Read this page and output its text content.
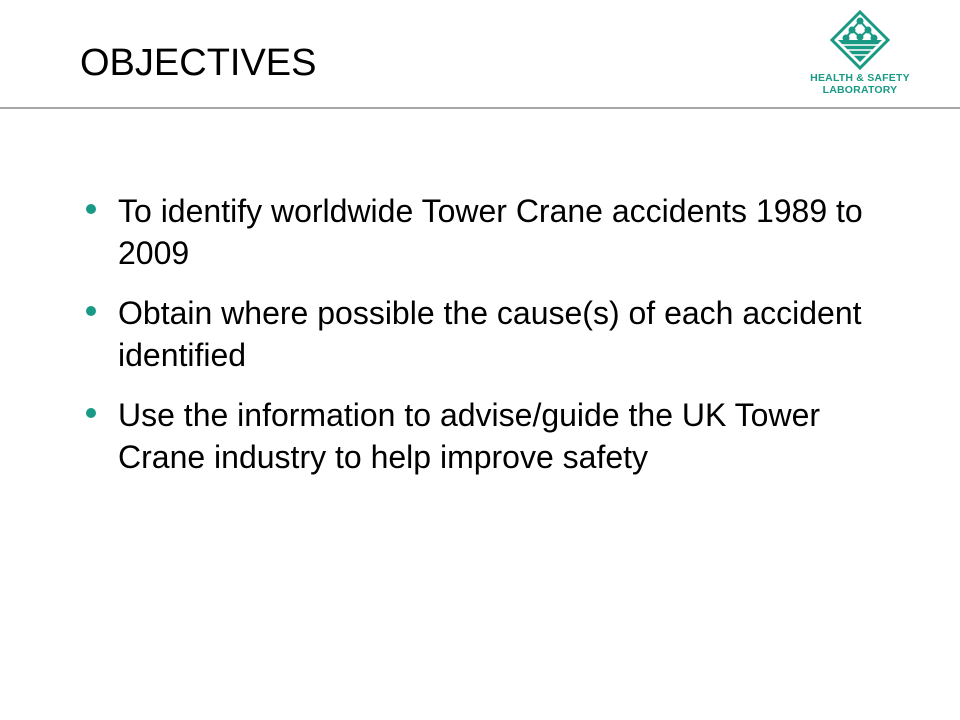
OBJECTIVES	HEALTH & SAFETY
LABORATORY
To identify worldwide Tower Crane accidents 1989 to 2009
Obtain where possible the cause(s) of each accident identified
Use the information to advise/guide the UK Tower Crane industry to help improve safety
